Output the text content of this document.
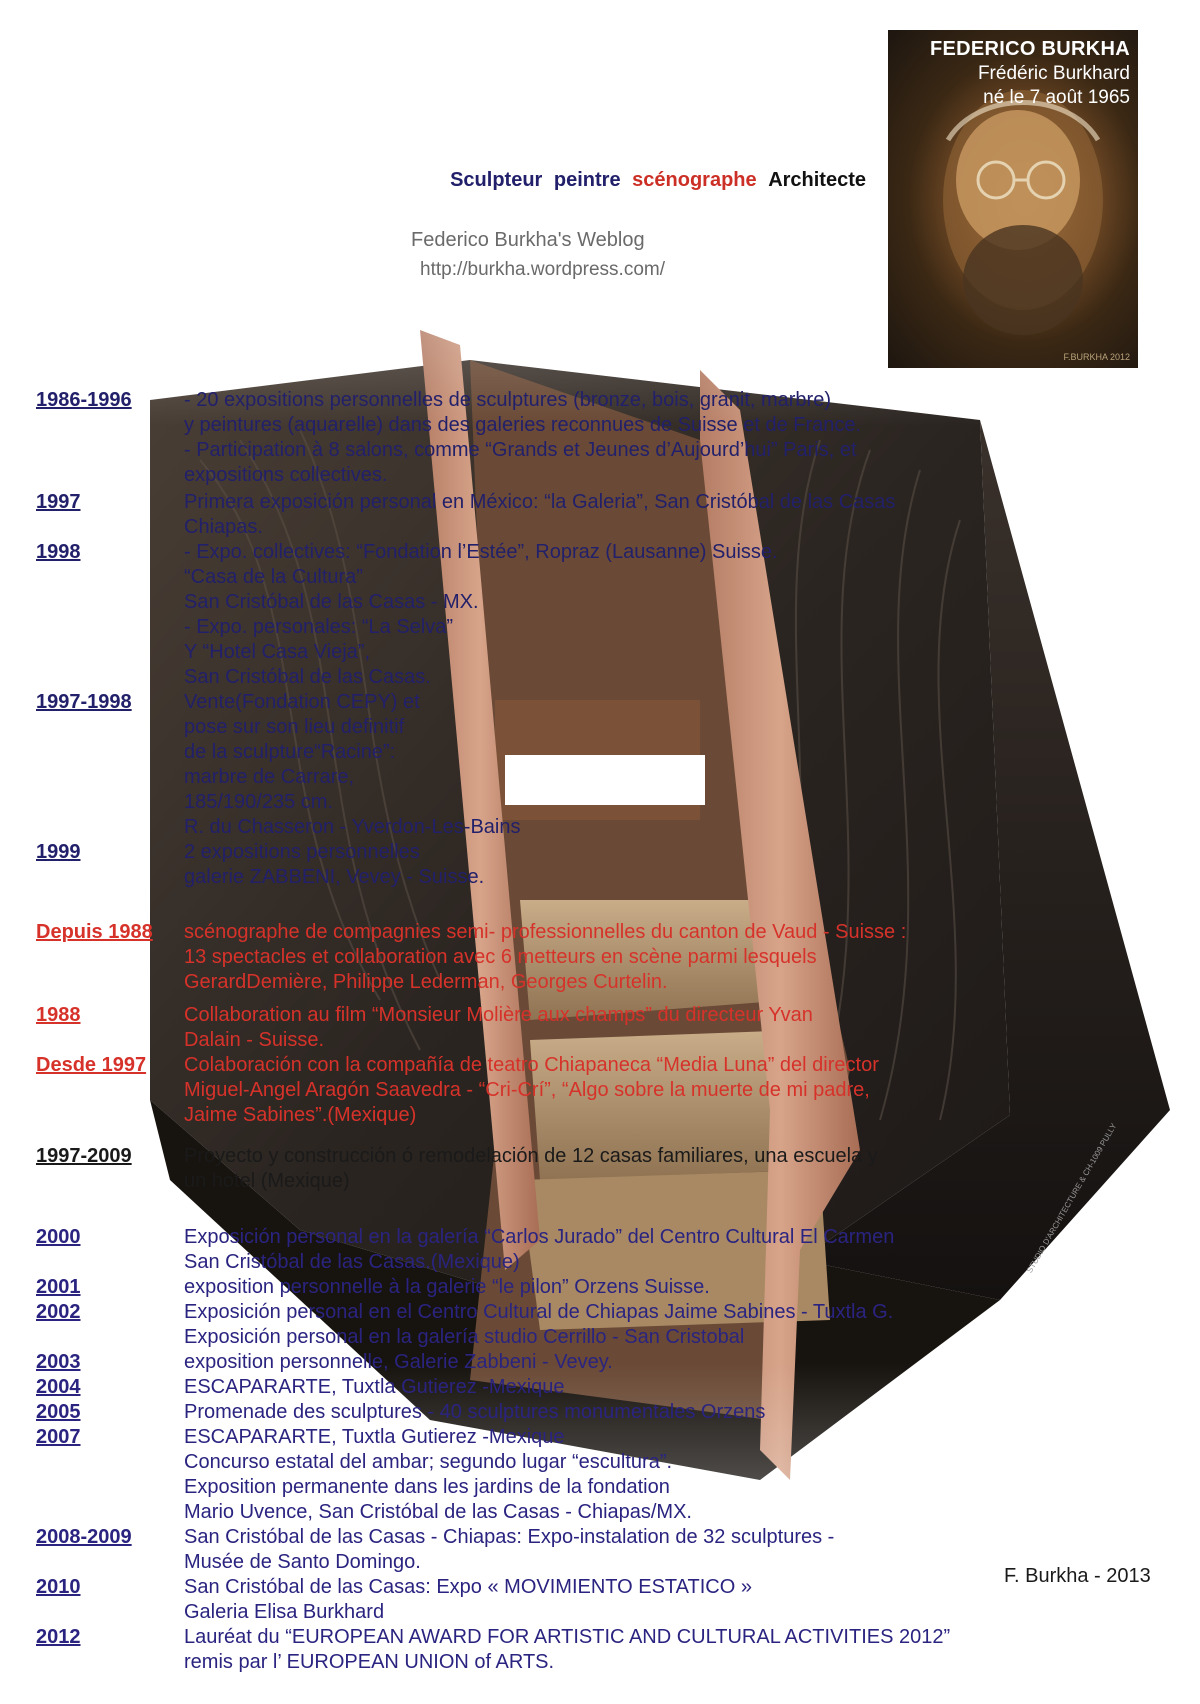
FEDERICO BURKHA
Frédéric Burkhard
né le 7 août 1965
F.BURKHA 2012
Sculpteur peintre scénographe Architecte
Federico Burkha's Weblog
http://burkha.wordpress.com/
1986-1996	- 20 expositions personnelles de sculptures (bronze, bois, granit, marbre)
y peintures (aquarelle) dans des galeries reconnues de Suisse et de France.
- Participation à 8 salons, comme “Grands et Jeunes d’Aujourd’hui” Paris, et
expositions collectives.
1997	Primera exposición personal en México: “la Galeria”, San Cristóbal de las Casas
Chiapas.
1998	- Expo. collectives: “Fondation l’Estée”, Ropraz (Lausanne) Suisse.
“Casa de la Cultura”
San Cristóbal de las Casas - MX.
- Expo. personales: “La Selva”
Y “Hotel Casa Vieja”,
San Cristóbal de las Casas.
1997-1998	Vente(Fondation CEPY) et
pose sur son lieu definitif
de la sculpture“Racine”:
marbre de Carrare,
185/190/235 cm.
R. du Chasseron - Yverdon-Les-Bains
1999	2 expositions personnelles
galerie ZABBENI, Vevey - Suisse.
Depuis 1988 scénographe de compagnies semi- professionnelles du canton de Vaud - Suisse :
13 spectacles et collaboration avec 6 metteurs en scène parmi lesquels
GerardDemière, Philippe Lederman, Georges Curtelin.
1988	Collaboration au film “Monsieur Molière aux champs” du directeur Yvan
Dalain - Suisse.
Desde 1997 Colaboración con la compañía de teatro Chiapaneca “Media Luna” del director
Miguel-Angel Aragón Saavedra - “Cri-Crí”, “Algo sobre la muerte de mi padre,
Jaime Sabines”.(Mexique)
1997-2009	Proyecto y construcción ó remodelación de 12 casas familiares, una escuela y
un hotel (Mexique)
2000	Exposición personal en la galería “Carlos Jurado” del Centro Cultural El Carmen
San Cristóbal de las Casas.(Mexique)
2001	exposition personnelle à la galerie “le pilon” Orzens Suisse.
2002	Exposición personal en el Centro Cultural de Chiapas Jaime Sabines - Tuxtla G.
Exposición personal en la galería studio Cerrillo - San Cristobal
2003	exposition personnelle, Galerie Zabbeni - Vevey.
2004	ESCAPARARTE, Tuxtla Gutierez -Mexique
2005	Promenade des sculptures - 40 sculptures monumentales Orzens
2007	ESCAPARARTE, Tuxtla Gutierez -Mexique
Concurso estatal del ambar; segundo lugar “escultura”.
Exposition permanente dans les jardins de la fondation
Mario Uvence, San Cristóbal de las Casas - Chiapas/MX.
2008-2009	San Cristóbal de las Casas - Chiapas: Expo-instalation de 32 sculptures -
Musée de Santo Domingo.
2010	San Cristóbal de las Casas: Expo « MOVIMIENTO ESTATICO »
Galeria Elisa Burkhard
2012	Lauréat du “EUROPEAN AWARD FOR ARTISTIC AND CULTURAL ACTIVITIES 2012”
remis par l’ EUROPEAN UNION of ARTS.
STUDIO D'ARCHITECTURE & CH-1009 PULLY
F. Burkha - 2013
